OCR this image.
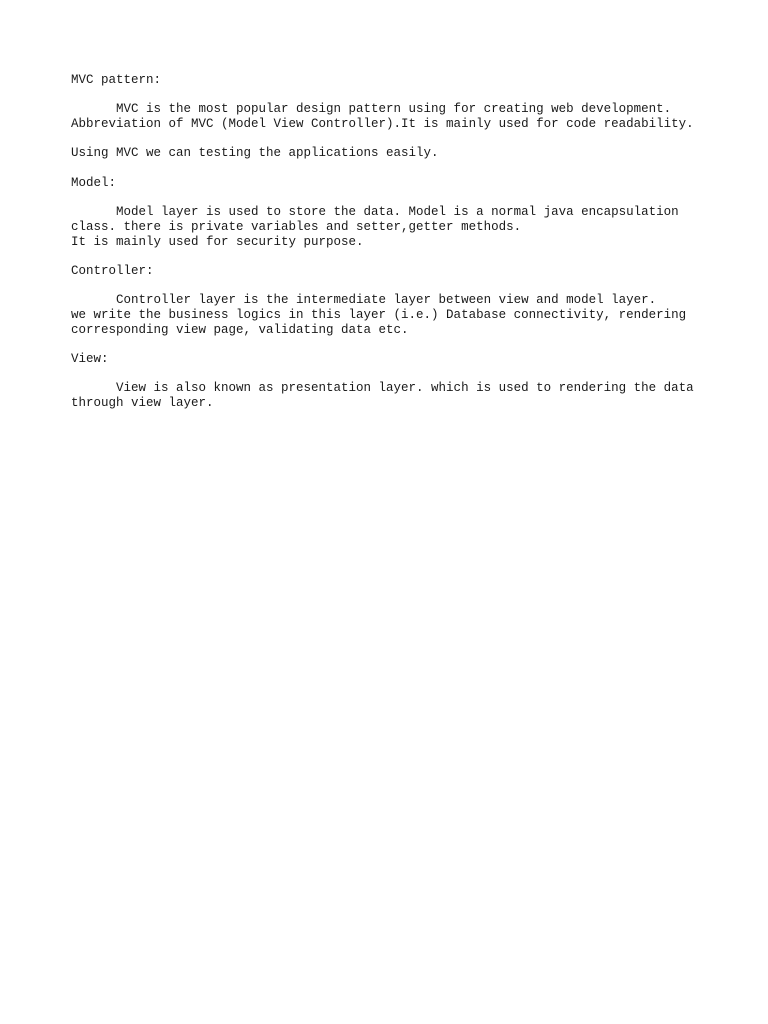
MVC pattern:
MVC is the most popular design pattern using for creating web development.
Abbreviation of MVC (Model View Controller).It is mainly used for code readability.
Using MVC we can testing the applications easily.
Model:
Model layer is used to store the data. Model is a normal java encapsulation
class. there is private variables and setter,getter methods.
It is mainly used for security purpose.
Controller:
Controller layer is the intermediate layer between view and model layer.
we write the business logics in this layer (i.e.) Database connectivity, rendering
corresponding view page, validating data etc.
View:
View is also known as presentation layer. which is used to rendering the data
through view layer.
